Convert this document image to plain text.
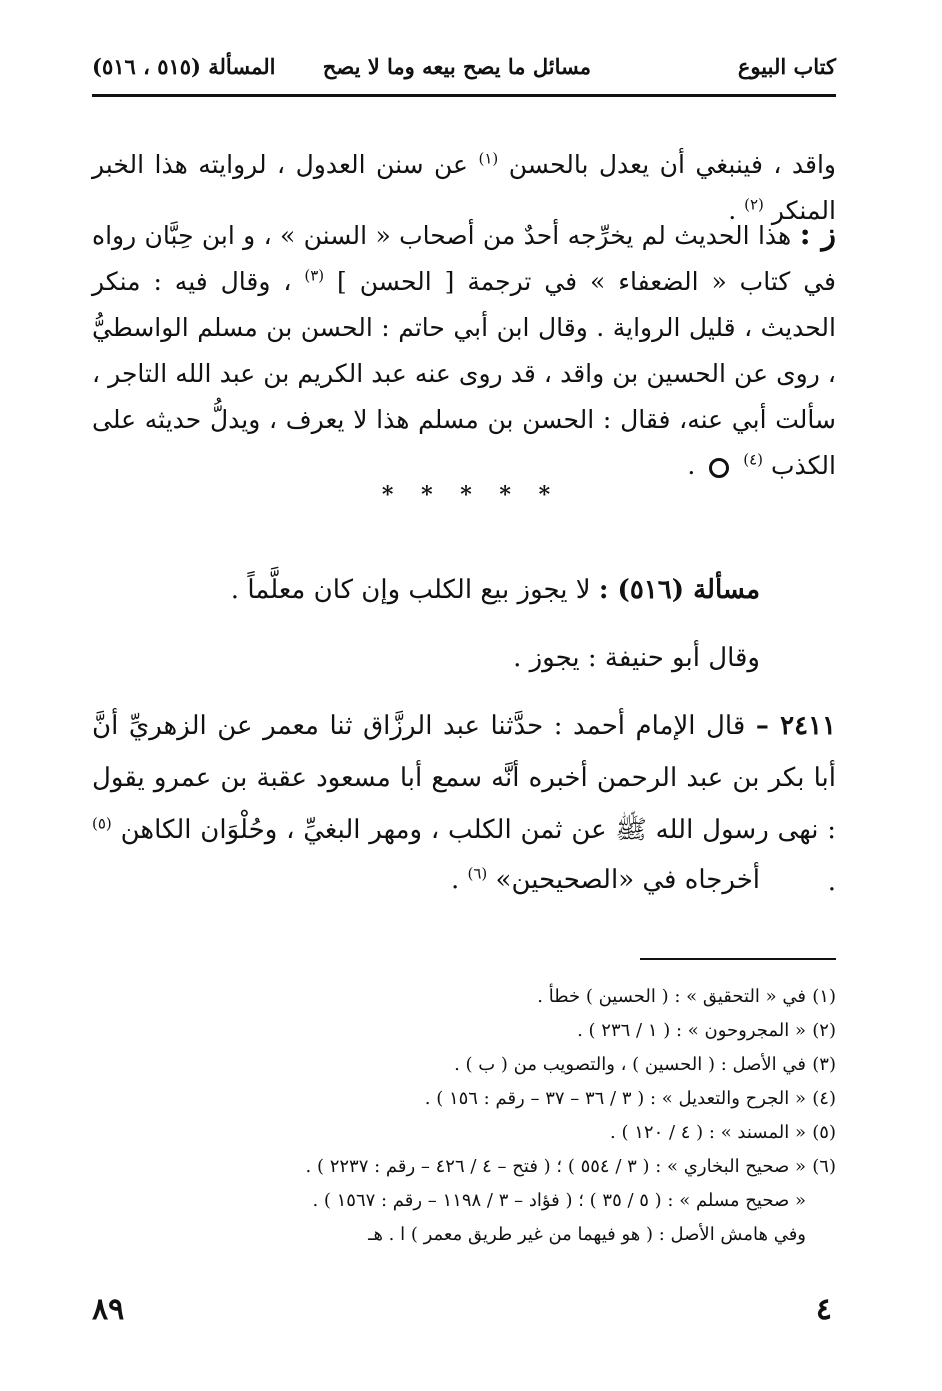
كتاب البيوع
مسائل ما يصح بيعه وما لا يصح
المسألة (٥١٥ ، ٥١٦)
واقد ، فينبغي أن يعدل بالحسن $^{(١)}$ عن سنن العدول ، لروايته هذا الخبر المنكر $^{(٢)}$ .
ز : هذا الحديث لم يخرِّجه أحدٌ من أصحاب « السنن » ، و ابن حِبَّان رواه في كتاب « الضعفاء » في ترجمة [ الحسن ] $^{(٣)}$ ، وقال فيه : منكر الحديث ، قليل الرواية . وقال ابن أبي حاتم : الحسن بن مسلم الواسطيُّ ، روى عن الحسين بن واقد ، قد روى عنه عبد الكريم بن عبد الله التاجر ، سألت أبي عنه، فقال : الحسن بن مسلم هذا لا يعرف ، ويدلُّ حديثه على الكذب $^{(٤)}$  .
* * * * *
مسألة (٥١٦) : لا يجوز بيع الكلب وإن كان معلَّماً .
وقال أبو حنيفة : يجوز .
٢٤١١ – قال الإمام أحمد : حدَّثنا عبد الرزَّاق ثنا معمر عن الزهريِّ أنَّ أبا بكر بن عبد الرحمن أخبره أنَّه سمع أبا مسعود عقبة بن عمرو يقول : نهى رسول الله ﷺ عن ثمن الكلب ، ومهر البغيِّ ، وحُلْوَان الكاهن $^{(٥)}$ .
أخرجاه في «الصحيحين» $^{(٦)}$ .
(١)في « التحقيق » : ( الحسين ) خطأ .
(٢)« المجروحون » : ( ١ / ٢٣٦ ) .
(٣)في الأصل : ( الحسين ) ، والتصويب من ( ب ) .
(٤)« الجرح والتعديل » : ( ٣ / ٣٦ – ٣٧ – رقم : ١٥٦ ) .
(٥)« المسند » : ( ٤ / ١٢٠ ) .
(٦)« صحيح البخاري » : ( ٣ / ٥٥٤ ) ؛ ( فتح – ٤ / ٤٢٦ – رقم : ٢٢٣٧ ) .
« صحيح مسلم » : ( ٥ / ٣٥ ) ؛ ( فؤاد – ٣ / ١١٩٨ – رقم : ١٥٦٧ ) .
وفي هامش الأصل : ( هو فيهما من غير طريق معمر ) ا . هـ
٨٩	٤
